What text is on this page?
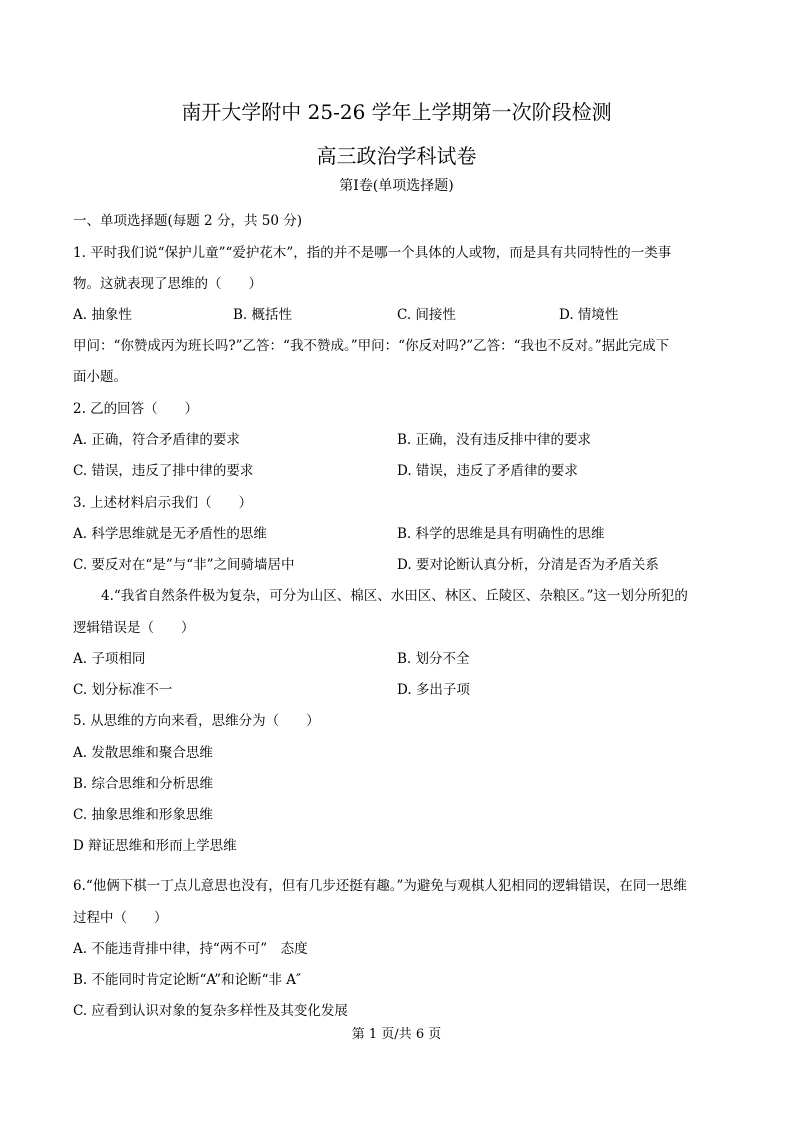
南开大学附中 25-26 学年上学期第一次阶段检测
高三政治学科试卷
第Ⅰ卷(单项选择题)
一、单项选择题(每题 2 分，共 50 分)
1. 平时我们说“保护儿童”“爱护花木”，指的并不是哪一个具体的人或物，而是具有共同特性的一类事
物。这就表现了思维的（　　）
A. 抽象性	B. 概括性	C. 间接性	D. 情境性
甲问：“你赞成丙为班长吗?”乙答：“我不赞成。”甲问：“你反对吗?”乙答：“我也不反对。”据此完成下
面小题。
2. 乙的回答（　　）
A. 正确，符合矛盾律的要求	B. 正确，没有违反排中律的要求
C. 错误，违反了排中律的要求	D. 错误，违反了矛盾律的要求
3. 上述材料启示我们（　　）
A. 科学思维就是无矛盾性的思维	B. 科学的思维是具有明确性的思维
C. 要反对在“是”与“非”之间骑墙居中	D. 要对论断认真分析，分清是否为矛盾关系
4.“我省自然条件极为复杂，可分为山区、棉区、水田区、林区、丘陵区、杂粮区。”这一划分所犯的
逻辑错误是（　　）
A. 子项相同	B. 划分不全
C. 划分标准不一	D. 多出子项
5. 从思维的方向来看，思维分为（　　）
A. 发散思维和聚合思维
B. 综合思维和分析思维
C. 抽象思维和形象思维
D 辩证思维和形而上学思维
6.“他俩下棋一丁点儿意思也没有，但有几步还挺有趣。”为避免与观棋人犯相同的逻辑错误，在同一思维
过程中（　　）
A. 不能违背排中律，持“两不可”　态度
B. 不能同时肯定论断“A”和论断“非 A″
C. 应看到认识对象的复杂多样性及其变化发展
第 1 页/共 6 页
